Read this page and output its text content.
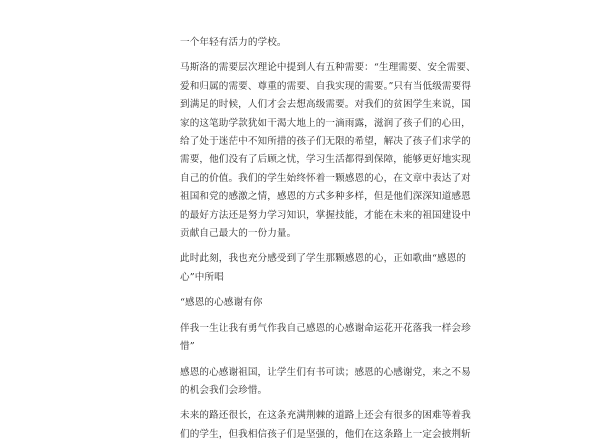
一个年轻有活力的学校。

马斯洛的需要层次理论中提到人有五种需要：“生理需要、安全需要、
爱和归属的需要、尊重的需要、自我实现的需要。”只有当低级需要得
到满足的时候，人们才会去想高级需要。对我们的贫困学生来说，国
家的这笔助学款犹如干渴大地上的一滴雨露，滋润了孩子们的心田，
给了处于迷茫中不知所措的孩子们无限的希望，解决了孩子们求学的
需要，他们没有了后顾之忧，学习生活都得到保障，能够更好地实现
自己的价值。我们的学生始终怀着一颗感恩的心，在文章中表达了对
祖国和党的感激之情，感恩的方式多种多样，但是他们深深知道感恩
的最好方法还是努力学习知识，掌握技能，才能在未来的祖国建设中
贡献自己最大的一份力量。

此时此刻，我也充分感受到了学生那颗感恩的心，正如歌曲“感恩的
心”中所唱

“感恩的心感谢有你

伴我一生让我有勇气作我自己感恩的心感谢命运花开花落我一样会珍
惜”

感恩的心感谢祖国，让学生们有书可读；感恩的心感谢党，来之不易
的机会我们会珍惜。

未来的路还很长，在这条充满荆棘的道路上还会有很多的困难等着我
们的学生，但我相信孩子们是坚强的，他们在这条路上一定会披荆斩
